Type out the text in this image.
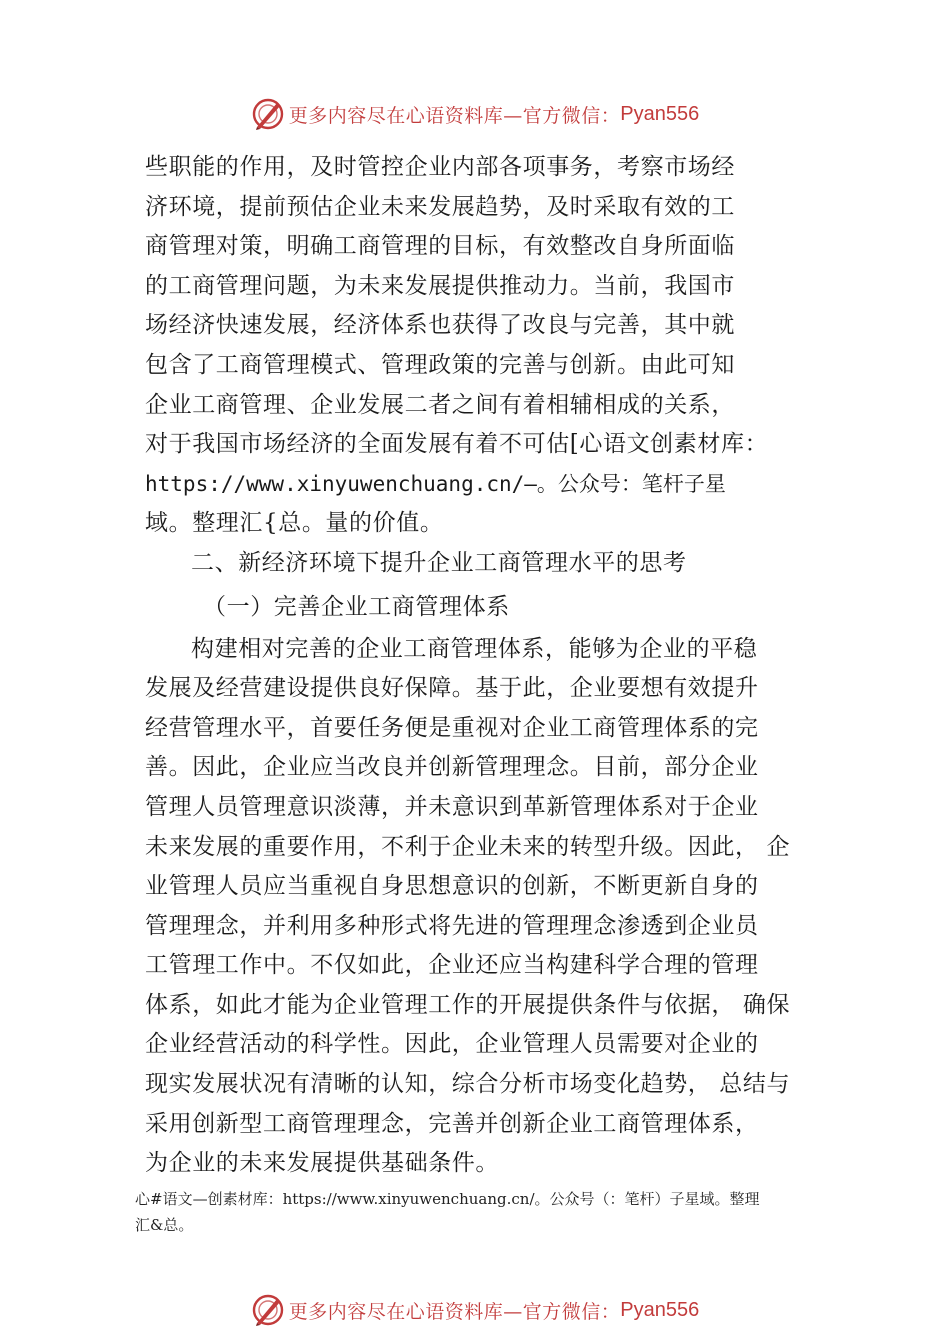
更多内容尽在心语资料库—官方微信： Pyan556
些职能的作用，及时管控企业内部各项事务，考察市场经
济环境，提前预估企业未来发展趋势，及时采取有效的工
商管理对策，明确工商管理的目标，有效整改自身所面临
的工商管理问题，为未来发展提供推动力。当前，我国市
场经济快速发展，经济体系也获得了改良与完善，其中就
包含了工商管理模式、管理政策的完善与创新。由此可知
企业工商管理、企业发展二者之间有着相辅相成的关系，
对于我国市场经济的全面发展有着不可估[心语文创素材库：
https://www.xinyuwenchuang.cn/—。公众号：笔杆子星
域。整理汇{总。量的价值。
二、新经济环境下提升企业工商管理水平的思考
（一）完善企业工商管理体系
构建相对完善的企业工商管理体系，能够为企业的平稳
发展及经营建设提供良好保障。基于此，企业要想有效提升
经营管理水平，首要任务便是重视对企业工商管理体系的完
善。因此，企业应当改良并创新管理理念。目前，部分企业
管理人员管理意识淡薄，并未意识到革新管理体系对于企业
未来发展的重要作用，不利于企业未来的转型升级。因此， 企
业管理人员应当重视自身思想意识的创新，不断更新自身的
管理理念，并利用多种形式将先进的管理理念渗透到企业员
工管理工作中。不仅如此，企业还应当构建科学合理的管理
体系，如此才能为企业管理工作的开展提供条件与依据， 确保
企业经营活动的科学性。因此，企业管理人员需要对企业的
现实发展状况有清晰的认知，综合分析市场变化趋势， 总结与
采用创新型工商管理理念，完善并创新企业工商管理体系，
为企业的未来发展提供基础条件。
心#语文—创素材库：https://www.xinyuwenchuang.cn/。公众号（：笔杆）子星域。整理
汇&总。
更多内容尽在心语资料库—官方微信： Pyan556
